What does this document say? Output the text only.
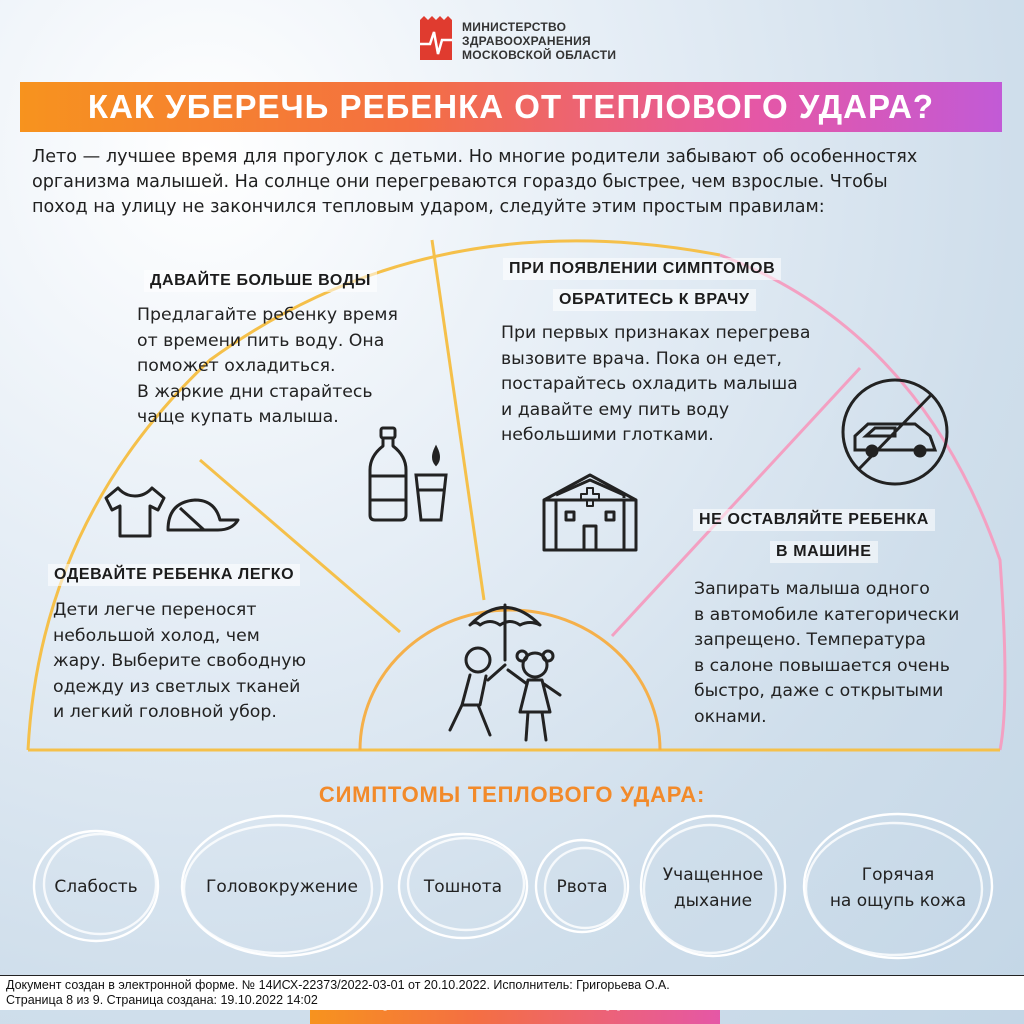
МИНИСТЕРСТВО
ЗДРАВООХРАНЕНИЯ
МОСКОВСКОЙ ОБЛАСТИ
КАК УБЕРЕЧЬ РЕБЕНКА ОТ ТЕПЛОВОГО УДАРА?
Лето — лучшее время для прогулок с детьми. Но многие родители забывают об особенностях
организма малышей. На солнце они перегреваются гораздо быстрее, чем взрослые. Чтобы
поход на улицу не закончился тепловым ударом, следуйте этим простым правилам:
ДАВАЙТЕ БОЛЬШЕ ВОДЫ
Предлагайте ребенку время
от времени пить воду. Она
поможет охладиться.
В жаркие дни старайтесь
чаще купать малыша.
ПРИ ПОЯВЛЕНИИ СИМПТОМОВ
ОБРАТИТЕСЬ К ВРАЧУ
При первых признаках перегрева
вызовите врача. Пока он едет,
постарайтесь охладить малыша
и давайте ему пить воду
небольшими глотками.
ОДЕВАЙТЕ РЕБЕНКА ЛЕГКО
Дети легче переносят
небольшой холод, чем
жару. Выберите свободную
одежду из светлых тканей
и легкий головной убор.
НЕ ОСТАВЛЯЙТЕ РЕБЕНКА
В МАШИНЕ
Запирать малыша одного
в автомобиле категорически
запрещено. Температура
в салоне повышается очень
быстро, даже с открытыми
окнами.
СИМПТОМЫ ТЕПЛОВОГО УДАРА:
Слабость	Головокружение	Тошнота	Рвота
Учащенное
дыхание
Горячая
на ощупь кожа
Документ создан в электронной форме. № 14ИСХ-22373/2022-03-01 от 20.10.2022. Исполнитель: Григорьева О.А.
Страница 8 из 9. Страница создана: 19.10.2022 14:02
